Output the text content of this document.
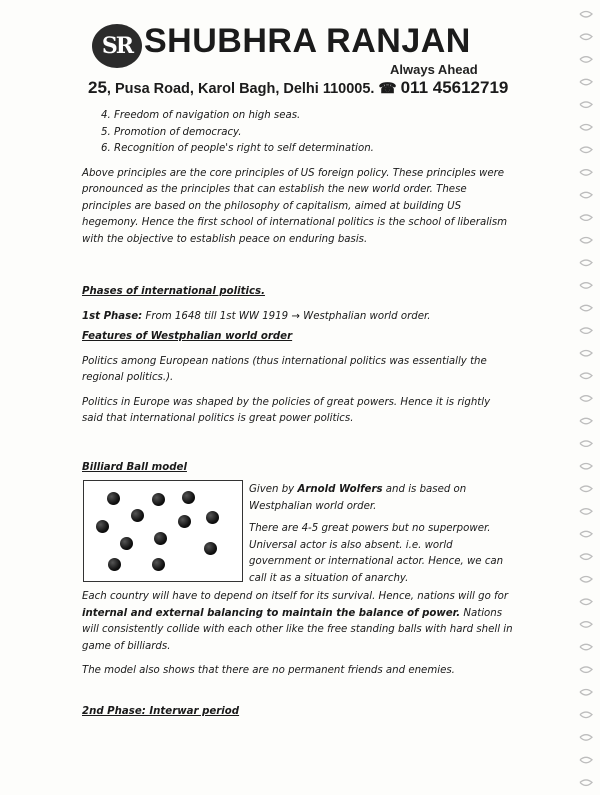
SR SHUBHRA RANJAN
Always Ahead
25, Pusa Road, Karol Bagh, Delhi 110005. ☎ 011 45612719
4. Freedom of navigation on high seas.
5. Promotion of democracy.
6. Recognition of people's right to self determination.

Above principles are the core principles of US foreign policy. These principles were pronounced as the principles that can establish the new world order. These principles are based on the philosophy of capitalism, aimed at building US hegemony. Hence the first school of international politics is the school of liberalism with the objective to establish peace on enduring basis.

Phases of international politics.

1st Phase: From 1648 till 1st WW 1919 → Westphalian world order.

Features of Westphalian world order

Politics among European nations (thus international politics was essentially the regional politics.).

Politics in Europe was shaped by the policies of great powers. Hence it is rightly said that international politics is great power politics.

Billiard Ball model

Given by Arnold Wolfers and is based on Westphalian world order.

There are 4-5 great powers but no superpower. Universal actor is also absent. i.e. world government or international actor. Hence, we can call it as a situation of anarchy.

Each country will have to depend on itself for its survival. Hence, nations will go for internal and external balancing to maintain the balance of power. Nations will consistently collide with each other like the free standing balls with hard shell in game of billiards.

The model also shows that there are no permanent friends and enemies.

2nd Phase: Interwar period
